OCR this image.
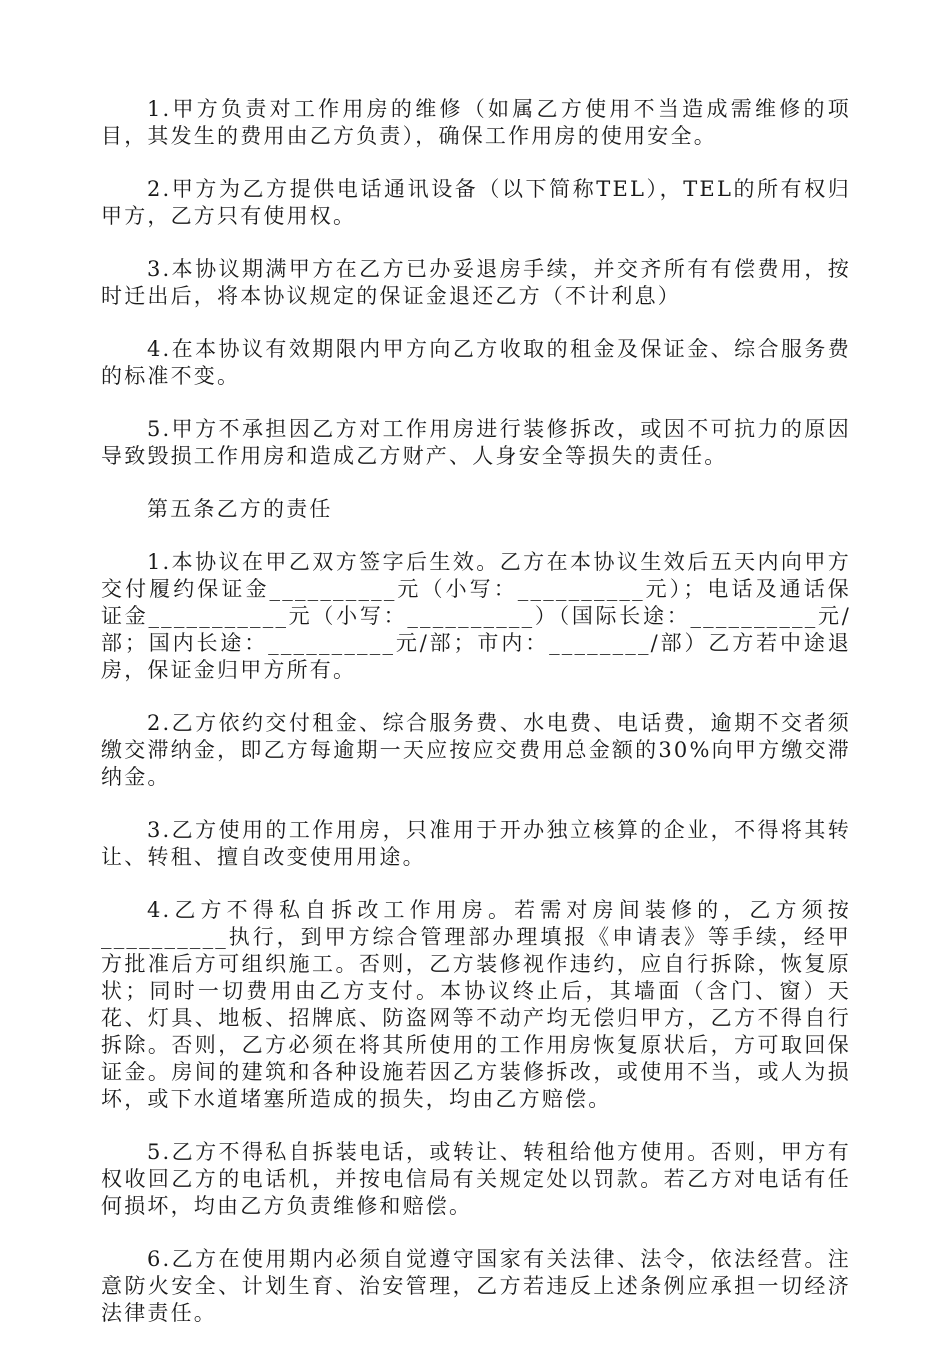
1.甲方负责对工作用房的维修（如属乙方使用不当造成需维修的项目，其发生的费用由乙方负责），确保工作用房的使用安全。

2.甲方为乙方提供电话通讯设备（以下简称TEL），TEL的所有权归甲方，乙方只有使用权。

3.本协议期满甲方在乙方已办妥退房手续，并交齐所有有偿费用，按时迁出后，将本协议规定的保证金退还乙方（不计利息）

4.在本协议有效期限内甲方向乙方收取的租金及保证金、综合服务费的标准不变。

5.甲方不承担因乙方对工作用房进行装修拆改，或因不可抗力的原因导致毁损工作用房和造成乙方财产、人身安全等损失的责任。

第五条乙方的责任

1.本协议在甲乙双方签字后生效。乙方在本协议生效后五天内向甲方交付履约保证金__________元（小写：__________元）；电话及通话保证金___________元（小写：__________）（国际长途：__________元/部；国内长途：__________元/部；市内：________/部）乙方若中途退房，保证金归甲方所有。

2.乙方依约交付租金、综合服务费、水电费、电话费，逾期不交者须缴交滞纳金，即乙方每逾期一天应按应交费用总金额的30%向甲方缴交滞纳金。

3.乙方使用的工作用房，只准用于开办独立核算的企业，不得将其转让、转租、擅自改变使用用途。

4.乙方不得私自拆改工作用房。若需对房间装修的，乙方须按__________执行，到甲方综合管理部办理填报《申请表》等手续，经甲方批准后方可组织施工。否则，乙方装修视作违约，应自行拆除，恢复原状；同时一切费用由乙方支付。本协议终止后，其墙面（含门、窗）天花、灯具、地板、招牌底、防盗网等不动产均无偿归甲方，乙方不得自行拆除。否则，乙方必须在将其所使用的工作用房恢复原状后，方可取回保证金。房间的建筑和各种设施若因乙方装修拆改，或使用不当，或人为损坏，或下水道堵塞所造成的损失，均由乙方赔偿。

5.乙方不得私自拆装电话，或转让、转租给他方使用。否则，甲方有权收回乙方的电话机，并按电信局有关规定处以罚款。若乙方对电话有任何损坏，均由乙方负责维修和赔偿。

6.乙方在使用期内必须自觉遵守国家有关法律、法令，依法经营。注意防火安全、计划生育、治安管理，乙方若违反上述条例应承担一切经济法律责任。
